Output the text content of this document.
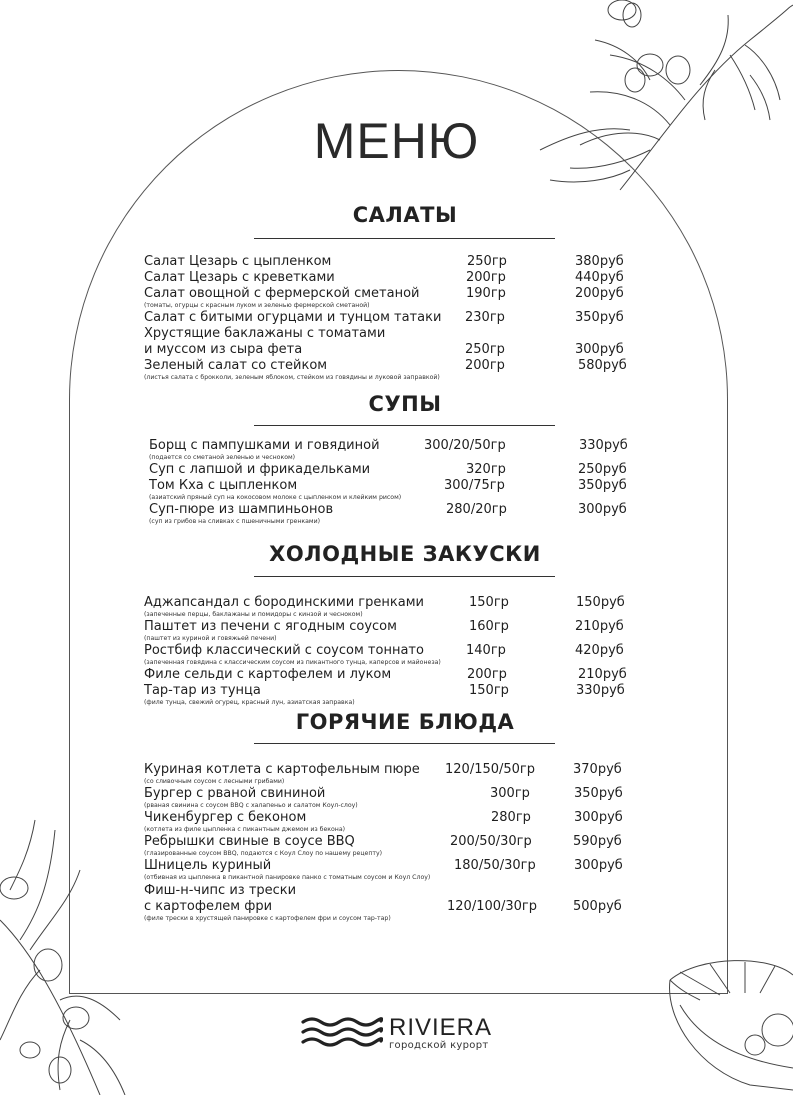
МЕНЮ
САЛАТЫ
Салат Цезарь с цыпленком	250гр	380руб
Салат Цезарь с креветками	200гр	440руб
Салат овощной с фермерской сметаной	190гр	200руб
(томаты, огурцы с красным луком и зеленью фермерской сметаной)
Салат с битыми огурцами и тунцом татаки 230гр	350руб
Хрустящие баклажаны с томатами
и муссом из сыра фета	250гр	300руб
Зеленый салат со стейком	200гр	580руб
(листья салата с брокколи, зеленым яблоком, стейком из говядины и луковой заправкой)
СУПЫ
Борщ с пампушками и говядиной	300/20/50гр	330руб
(подается со сметаной зеленью и чесноком)
Суп с лапшой и фрикадельками	320гр	250руб
Том Кха с цыпленком	300/75гр	350руб
(азиатский пряный суп на кокосовом молоке с цыпленком и клейким рисом)
Суп-пюре из шампиньонов	280/20гр	300руб
(суп из грибов на сливках с пшеничными гренками)
ХОЛОДНЫЕ ЗАКУСКИ
Аджапсандал с бородинскими гренками	150гр	150руб
(запеченные перцы, баклажаны и помидоры с кинзой и чесноком)
Паштет из печени с ягодным соусом	160гр	210руб
(паштет из куриной и говяжьей печени)
Ростбиф классический с соусом тоннато	140гр	420руб
(запеченная говядина с классическим соусом из пикантного тунца, каперсов и майонеза)
Филе сельди с картофелем и луком	200гр	210руб
Тар-тар из тунца	150гр	330руб
(филе тунца, свежий огурец, красный лун, азиатская заправка)
ГОРЯЧИЕ БЛЮДА
Куриная котлета с картофельным пюре 120/150/50гр	370руб
(со сливочным соусом с лесными грибами)
Бургер с рваной свининой	300гр	350руб
(рваная свинина с соусом BBQ с халапеньо и салатом Коул-слоу)
Чикенбургер с беконом	280гр	300руб
(котлета из филе цыпленка с пикантным джемом из бекона)
Ребрышки свиные в соусе BBQ	200/50/30гр	590руб
(глазированные соусом BBQ, подаются с Коул Слоу по нашему рецепту)
Шницель куриный	180/50/30гр	300руб
(отбивная из цыпленка в пикантной панировке панко с томатным соусом и Коул Слоу)
Фиш-н-чипс из трески
с картофелем фри	120/100/30гр	500руб
(филе трески в хрустящей панировке с картофелем фри и соусом тар-тар)
RIVIERA
городской курорт
